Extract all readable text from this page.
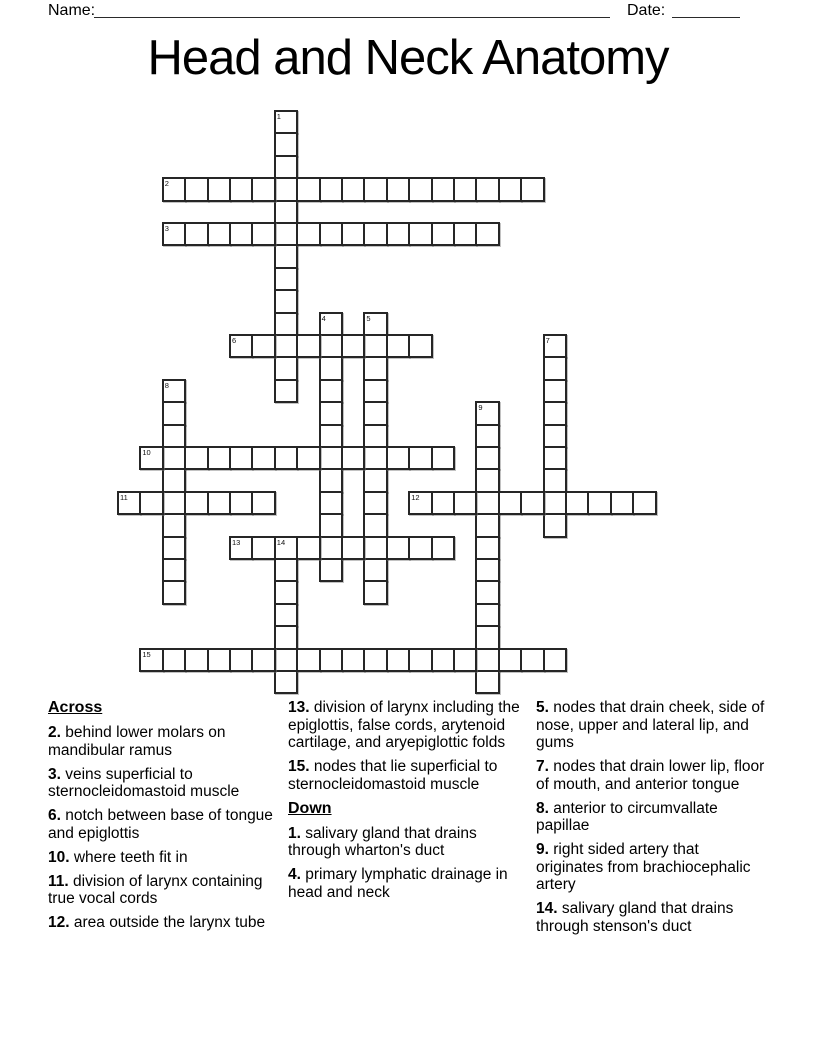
Name:	Date:
Head and Neck Anatomy
1
2
3
4	5
6	7
8
9
10
11	12
13	14
15
Across

2. behind lower molars on mandibular ramus

3. veins superficial to sternocleidomastoid muscle

6. notch between base of tongue and epiglottis

10. where teeth fit in

11. division of larynx containing true vocal cords

12. area outside the larynx tube

13. division of larynx including the epiglottis, false cords, arytenoid cartilage, and aryepiglottic folds

15. nodes that lie superficial to sternocleidomastoid muscle

Down

1. salivary gland that drains through wharton's duct

4. primary lymphatic drainage in head and neck

5. nodes that drain cheek, side of nose, upper and lateral lip, and gums

7. nodes that drain lower lip, floor of mouth, and anterior tongue

8. anterior to circumvallate papillae

9. right sided artery that originates from brachiocephalic artery

14. salivary gland that drains through stenson's duct
